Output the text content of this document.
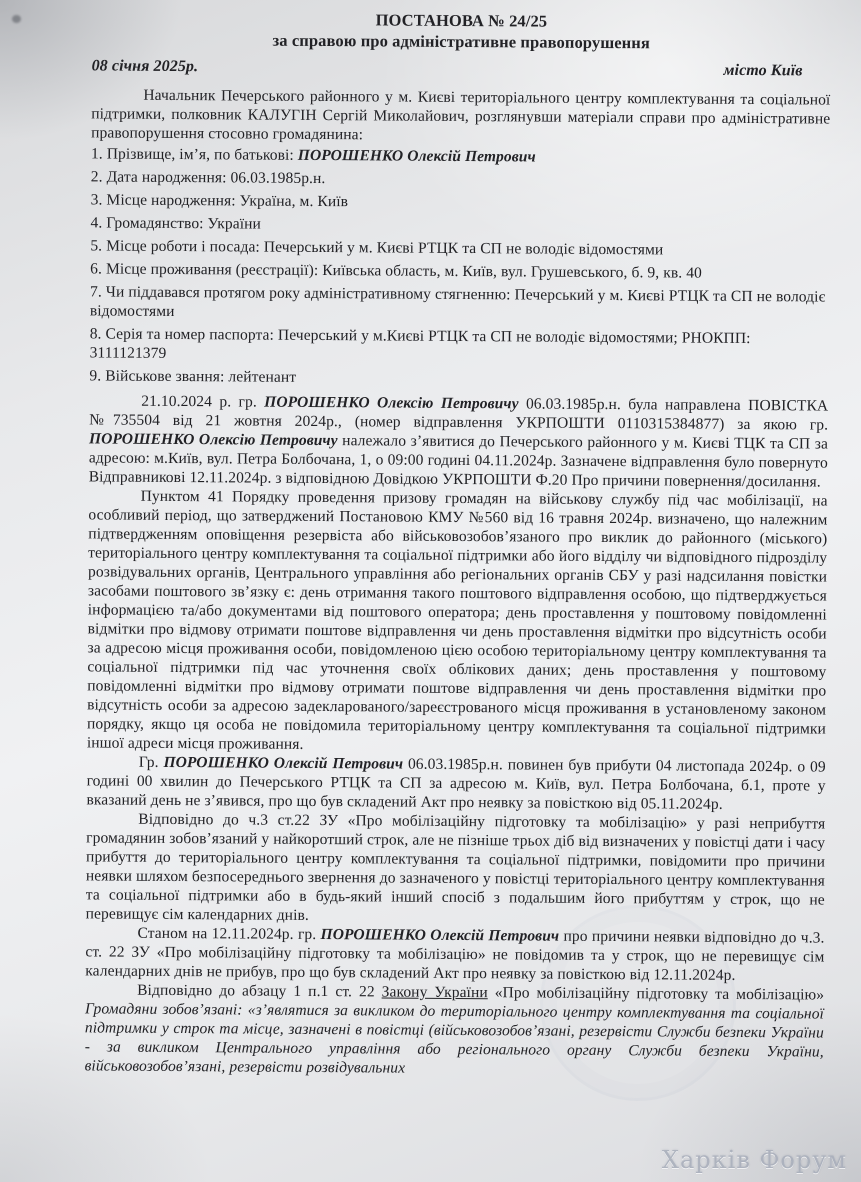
ПОСТАНОВА № 24/25
за справою про адміністративне правопорушення
08 січня 2025р.	місто Київ
Начальник Печерського районного у м. Києві територіального центру комплектування та соціальної підтримки, полковник КАЛУГІН Сергій Миколайович, розглянувши матеріали справи про адміністративне правопорушення стосовно громадянина:
1. Прізвище, ім’я, по батькові: ПОРОШЕНКО Олексій Петрович
2. Дата народження: 06.03.1985р.н.
3. Місце народження: Україна, м. Київ
4. Громадянство: України
5. Місце роботи і посада: Печерський у м. Києві РТЦК та СП не володіє відомостями
6. Місце проживання (реєстрації): Київська область, м. Київ, вул. Грушевського, б. 9, кв. 40
7. Чи піддавався протягом року адміністративному стягненню: Печерський у м. Києві РТЦК та СП не володіє відомостями
8. Серія та номер паспорта: Печерський у м.Києві РТЦК та СП не володіє відомостями; РНОКПП: 3111121379
9. Військове звання: лейтенант
21.10.2024 р. гр. ПОРОШЕНКО Олексію Петровичу 06.03.1985р.н. була направлена ПОВІСТКА №735504 від 21 жовтня 2024р., (номер відправлення УКРПОШТИ 0110315384877) за якою гр. ПОРОШЕНКО Олексію Петровичу належало з’явитися до Печерського районного у м. Києві ТЦК та СП за адресою: м.Київ, вул. Петра Болбочана, 1, о 09:00 годині 04.11.2024р. Зазначене відправлення було повернуто Відправникові 12.11.2024р. з відповідною Довідкою УКРПОШТИ Ф.20 Про причини повернення/досилання.
Пунктом 41 Порядку проведення призову громадян на військову службу під час мобілізації, на особливий період, що затверджений Постановою КМУ №560 від 16 травня 2024р. визначено, що належним підтвердженням оповіщення резервіста або військовозобов’язаного про виклик до районного (міського) територіального центру комплектування та соціальної підтримки або його відділу чи відповідного підрозділу розвідувальних органів, Центрального управління або регіональних органів СБУ у разі надсилання повістки засобами поштового зв’язку є: день отримання такого поштового відправлення особою, що підтверджується інформацією та/або документами від поштового оператора; день проставлення у поштовому повідомленні відмітки про відмову отримати поштове відправлення чи день проставлення відмітки про відсутність особи за адресою місця проживання особи, повідомленою цією особою територіальному центру комплектування та соціальної підтримки під час уточнення своїх облікових даних; день проставлення у поштовому повідомленні відмітки про відмову отримати поштове відправлення чи день проставлення відмітки про відсутність особи за адресою задекларованого/зареєстрованого місця проживання в установленому законом порядку, якщо ця особа не повідомила територіальному центру комплектування та соціальної підтримки іншої адреси місця проживання.
Гр. ПОРОШЕНКО Олексій Петрович 06.03.1985р.н. повинен був прибути 04 листопада 2024р. о 09 годині 00 хвилин до Печерського РТЦК та СП за адресою м. Київ, вул. Петра Болбочана, б.1, проте у вказаний день не з’явився, про що був складений Акт про неявку за повісткою від 05.11.2024р.
Відповідно до ч.3 ст.22 ЗУ «Про мобілізаційну підготовку та мобілізацію» у разі неприбуття громадянин зобов’язаний у найкоротший строк, але не пізніше трьох діб від визначених у повістці дати і часу прибуття до територіального центру комплектування та соціальної підтримки, повідомити про причини неявки шляхом безпосереднього звернення до зазначеного у повістці територіального центру комплектування та соціальної підтримки або в будь-який інший спосіб з подальшим його прибуттям у строк, що не перевищує сім календарних днів.
Станом на 12.11.2024р. гр. ПОРОШЕНКО Олексій Петрович про причини неявки відповідно до ч.3. ст. 22 ЗУ «Про мобілізаційну підготовку та мобілізацію» не повідомив та у строк, що не перевищує сім календарних днів не прибув, про що був складений Акт про неявку за повісткою від 12.11.2024р.
Відповідно до абзацу 1 п.1 ст. 22 Закону України «Про мобілізаційну підготовку та мобілізацію» Громадяни зобов’язані: «з’являтися за викликом до територіального центру комплектування та соціальної підтримки у строк та місце, зазначені в повістці (військовозобов’язані, резервісти Служби безпеки України - за викликом Центрального управління або регіонального органу Служби безпеки України, військовозобов’язані, резервісти розвідувальних
Харків Форум
